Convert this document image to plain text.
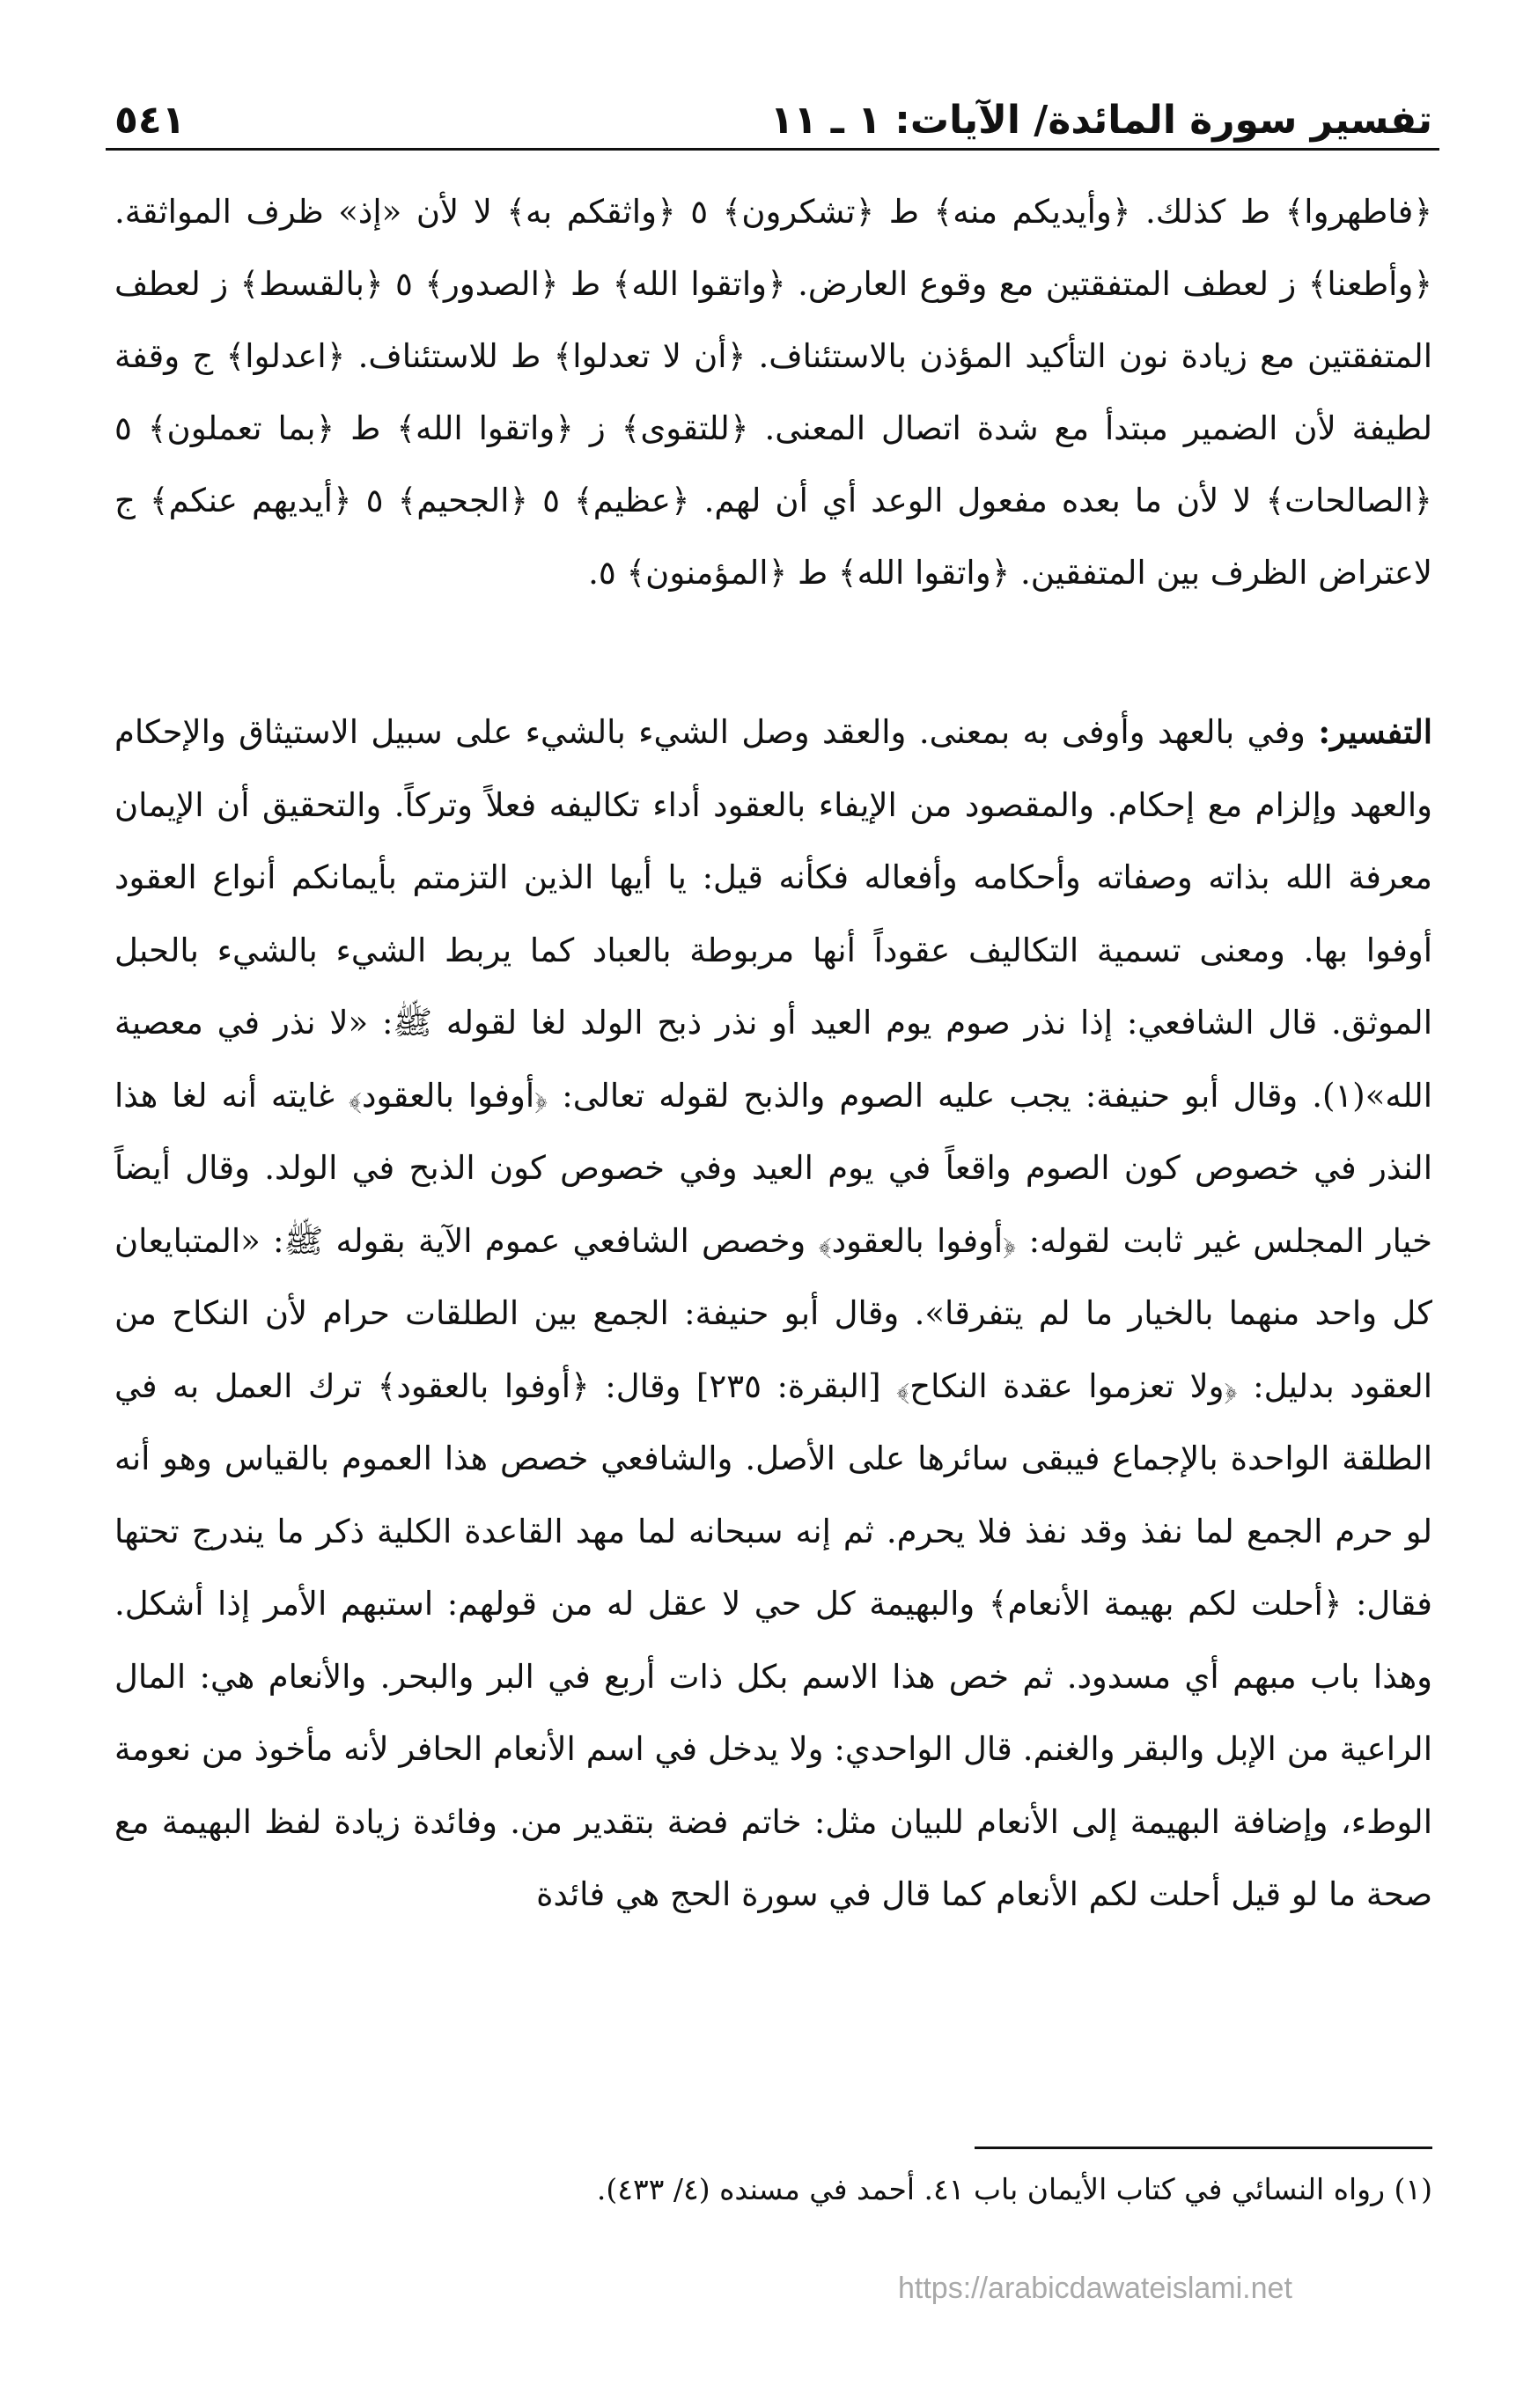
تفسير سورة المائدة/ الآيات: ١ ـ ١١
٥٤١

﴿فاطهروا﴾ ط كذلك. ﴿وأيديكم منه﴾ ط ﴿تشكرون﴾ ٥ ﴿واثقكم به﴾ لا لأن «إذ» ظرف المواثقة. ﴿وأطعنا﴾ ز لعطف المتفقتين مع وقوع العارض. ﴿واتقوا الله﴾ ط ﴿الصدور﴾ ٥ ﴿بالقسط﴾ ز لعطف المتفقتين مع زيادة نون التأكيد المؤذن بالاستئناف. ﴿أن لا تعدلوا﴾ ط للاستئناف. ﴿اعدلوا﴾ ج وقفة لطيفة لأن الضمير مبتدأ مع شدة اتصال المعنى. ﴿للتقوى﴾ ز ﴿واتقوا الله﴾ ط ﴿بما تعملون﴾ ٥ ﴿الصالحات﴾ لا لأن ما بعده مفعول الوعد أي أن لهم. ﴿عظيم﴾ ٥ ﴿الجحيم﴾ ٥ ﴿أيديهم عنكم﴾ ج لاعتراض الظرف بين المتفقين. ﴿واتقوا الله﴾ ط ﴿المؤمنون﴾ ٥.

التفسير: وفي بالعهد وأوفى به بمعنى. والعقد وصل الشيء بالشيء على سبيل الاستيثاق والإحكام والعهد وإلزام مع إحكام. والمقصود من الإيفاء بالعقود أداء تكاليفه فعلاً وتركاً. والتحقيق أن الإيمان معرفة الله بذاته وصفاته وأحكامه وأفعاله فكأنه قيل: يا أيها الذين التزمتم بأيمانكم أنواع العقود أوفوا بها. ومعنى تسمية التكاليف عقوداً أنها مربوطة بالعباد كما يربط الشيء بالشيء بالحبل الموثق. قال الشافعي: إذا نذر صوم يوم العيد أو نذر ذبح الولد لغا لقوله ﷺ: «لا نذر في معصية الله»(١). وقال أبو حنيفة: يجب عليه الصوم والذبح لقوله تعالى: ﴿أوفوا بالعقود﴾ غايته أنه لغا هذا النذر في خصوص كون الصوم واقعاً في يوم العيد وفي خصوص كون الذبح في الولد. وقال أيضاً خيار المجلس غير ثابت لقوله: ﴿أوفوا بالعقود﴾ وخصص الشافعي عموم الآية بقوله ﷺ: «المتبايعان كل واحد منهما بالخيار ما لم يتفرقا». وقال أبو حنيفة: الجمع بين الطلقات حرام لأن النكاح من العقود بدليل: ﴿ولا تعزموا عقدة النكاح﴾ [البقرة: ٢٣٥] وقال: ﴿أوفوا بالعقود﴾ ترك العمل به في الطلقة الواحدة بالإجماع فيبقى سائرها على الأصل. والشافعي خصص هذا العموم بالقياس وهو أنه لو حرم الجمع لما نفذ وقد نفذ فلا يحرم. ثم إنه سبحانه لما مهد القاعدة الكلية ذكر ما يندرج تحتها فقال: ﴿أحلت لكم بهيمة الأنعام﴾ والبهيمة كل حي لا عقل له من قولهم: استبهم الأمر إذا أشكل. وهذا باب مبهم أي مسدود. ثم خص هذا الاسم بكل ذات أربع في البر والبحر. والأنعام هي: المال الراعية من الإبل والبقر والغنم. قال الواحدي: ولا يدخل في اسم الأنعام الحافر لأنه مأخوذ من نعومة الوطء، وإضافة البهيمة إلى الأنعام للبيان مثل: خاتم فضة بتقدير من. وفائدة زيادة لفظ البهيمة مع صحة ما لو قيل أحلت لكم الأنعام كما قال في سورة الحج هي فائدة

(١) رواه النسائي في كتاب الأيمان باب ٤١. أحمد في مسنده (٤/ ٤٣٣).
https://arabicdawateislami.net
